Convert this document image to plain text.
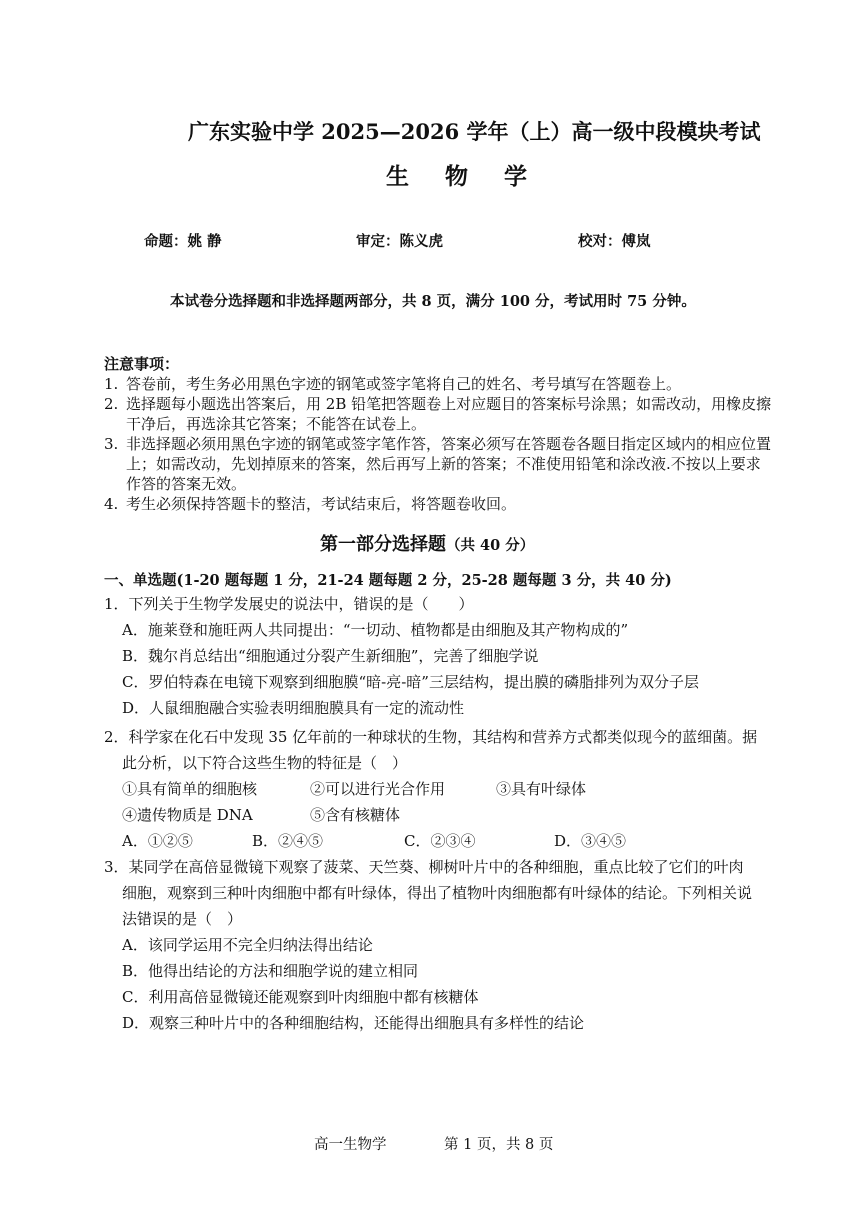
广东实验中学 2025—2026 学年（上）高一级中段模块考试
生 物 学
命题：姚 静	审定：陈义虎	校对：傅岚
本试卷分选择题和非选择题两部分，共 8 页，满分 100 分，考试用时 75 分钟。
注意事项：
1. 答卷前，考生务必用黑色字迹的钢笔或签字笔将自己的姓名、考号填写在答题卷上。
2. 选择题每小题选出答案后，用 2B 铅笔把答题卷上对应题目的答案标号涂黑；如需改动，用橡皮擦干净后，再选涂其它答案；不能答在试卷上。
3. 非选择题必须用黑色字迹的钢笔或签字笔作答，答案必须写在答题卷各题目指定区域内的相应位置上；如需改动，先划掉原来的答案，然后再写上新的答案；不准使用铅笔和涂改液.不按以上要求作答的答案无效。
4. 考生必须保持答题卡的整洁，考试结束后，将答题卷收回。
第一部分选择题（共 40 分）
一、单选题(1-20 题每题 1 分，21-24 题每题 2 分，25-28 题每题 3 分，共 40 分)
1．下列关于生物学发展史的说法中，错误的是（　　）
A．施莱登和施旺两人共同提出：“一切动、植物都是由细胞及其产物构成的”
B．魏尔肖总结出“细胞通过分裂产生新细胞”，完善了细胞学说
C．罗伯特森在电镜下观察到细胞膜“暗-亮-暗”三层结构，提出膜的磷脂排列为双分子层
D．人鼠细胞融合实验表明细胞膜具有一定的流动性
2．科学家在化石中发现 35 亿年前的一种球状的生物，其结构和营养方式都类似现今的蓝细菌。据
此分析，以下符合这些生物的特征是（　）
①具有简单的细胞核	②可以进行光合作用	③具有叶绿体
④遗传物质是 DNA	⑤含有核糖体
A．①②⑤	B．②④⑤	C．②③④	D．③④⑤
3．某同学在高倍显微镜下观察了菠菜、天竺葵、柳树叶片中的各种细胞，重点比较了它们的叶肉
细胞，观察到三种叶肉细胞中都有叶绿体，得出了植物叶肉细胞都有叶绿体的结论。下列相关说
法错误的是（　）
A．该同学运用不完全归纳法得出结论
B．他得出结论的方法和细胞学说的建立相同
C．利用高倍显微镜还能观察到叶肉细胞中都有核糖体
D．观察三种叶片中的各种细胞结构，还能得出细胞具有多样性的结论
高一生物学	第 1 页，共 8 页
